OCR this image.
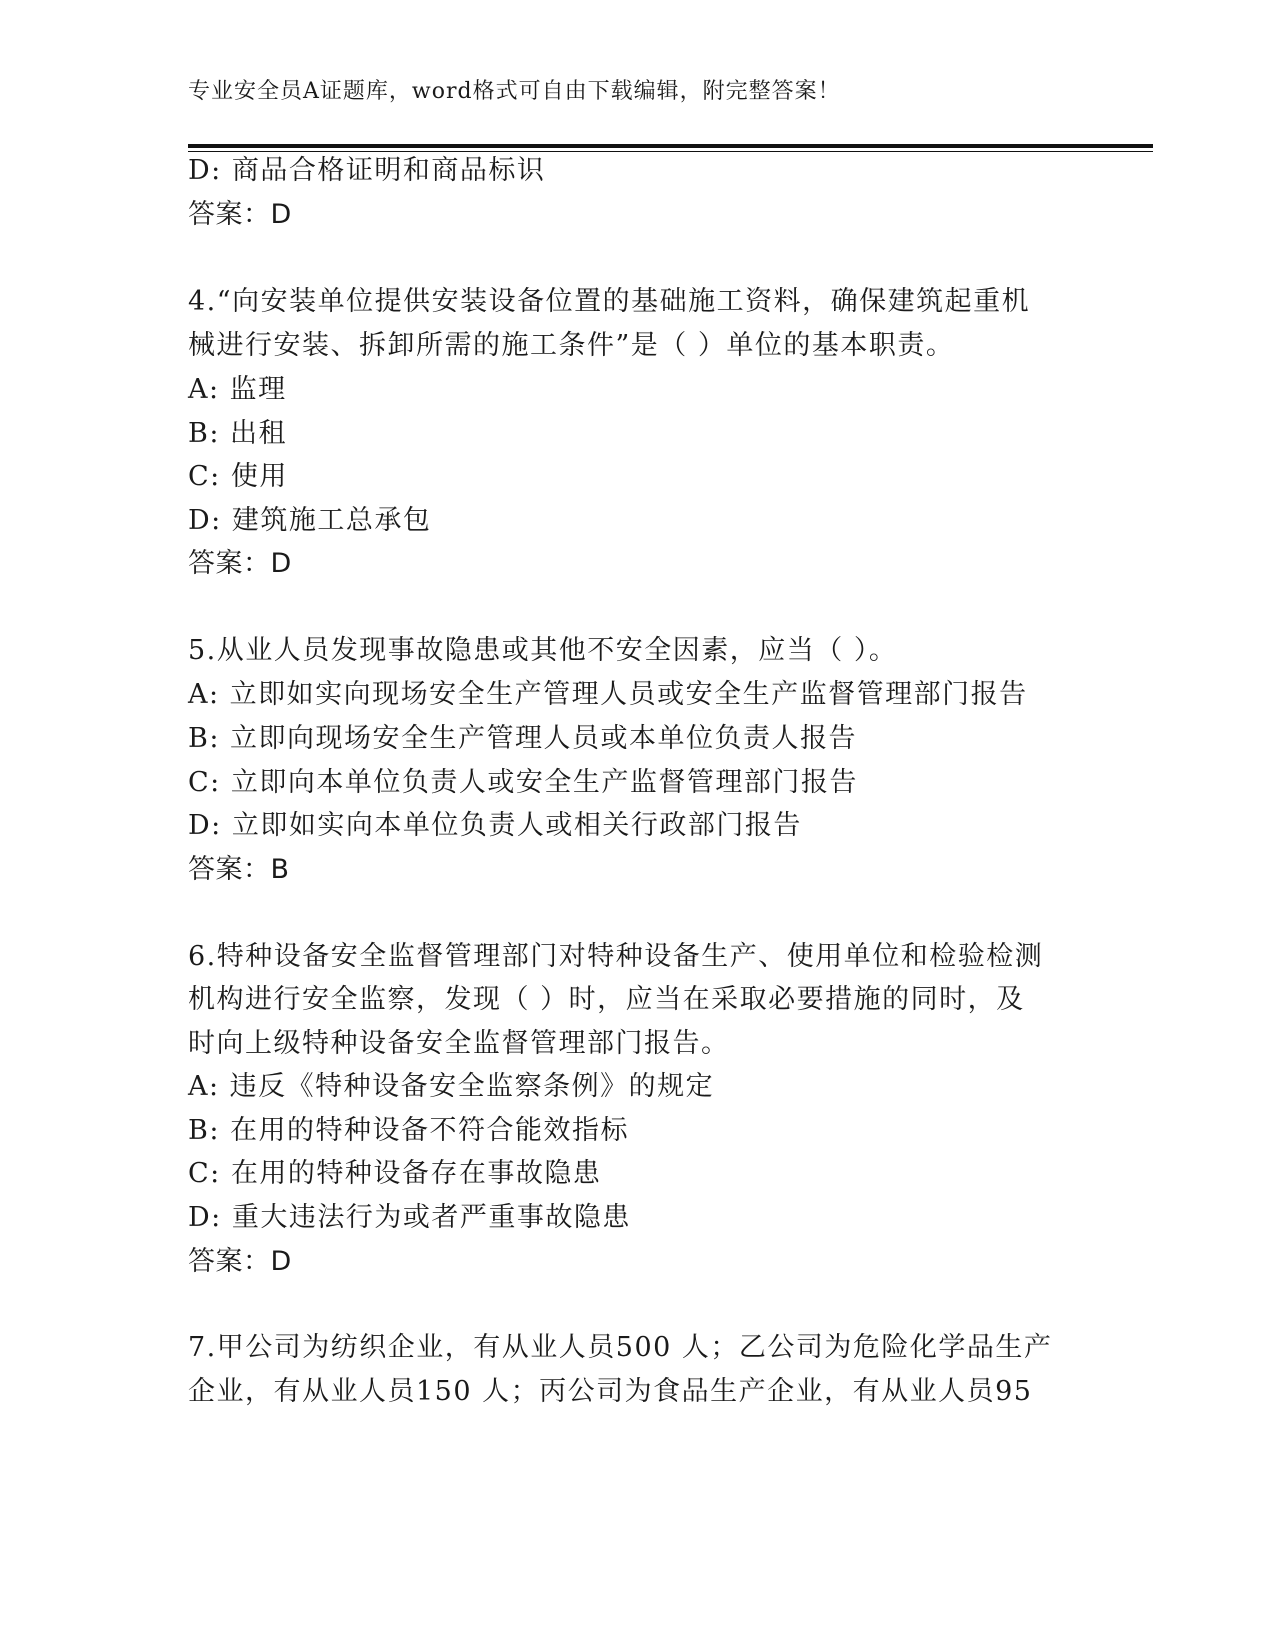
专业安全员A证题库，word格式可自由下载编辑，附完整答案！
D: 商品合格证明和商品标识
答案：D
4.“向安装单位提供安装设备位置的基础施工资料，确保建筑起重机
械进行安装、拆卸所需的施工条件”是（ ）单位的基本职责。
A: 监理
B: 出租
C: 使用
D: 建筑施工总承包
答案：D
5.从业人员发现事故隐患或其他不安全因素，应当（ ）。
A: 立即如实向现场安全生产管理人员或安全生产监督管理部门报告
B: 立即向现场安全生产管理人员或本单位负责人报告
C: 立即向本单位负责人或安全生产监督管理部门报告
D: 立即如实向本单位负责人或相关行政部门报告
答案：B
6.特种设备安全监督管理部门对特种设备生产、使用单位和检验检测
机构进行安全监察，发现（ ）时，应当在采取必要措施的同时，及
时向上级特种设备安全监督管理部门报告。
A: 违反《特种设备安全监察条例》的规定
B: 在用的特种设备不符合能效指标
C: 在用的特种设备存在事故隐患
D: 重大违法行为或者严重事故隐患
答案：D
7.甲公司为纺织企业，有从业人员500 人；乙公司为危险化学品生产
企业，有从业人员150 人；丙公司为食品生产企业，有从业人员95
